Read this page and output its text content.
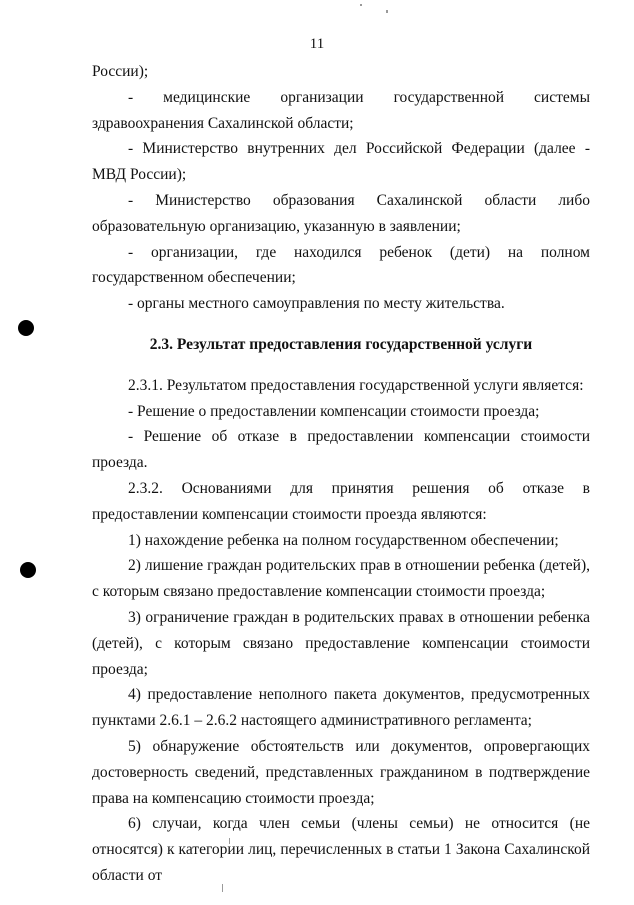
11

России);

- медицинские организации государственной системы здравоохранения Сахалинской области;

- Министерство внутренних дел Российской Федерации (далее - МВД России);

- Министерство образования Сахалинской области либо образовательную организацию, указанную в заявлении;

- организации, где находился ребенок (дети) на полном государственном обеспечении;

- органы местного самоуправления по месту жительства.

2.3. Результат предоставления государственной услуги

2.3.1. Результатом предоставления государственной услуги является:

- Решение о предоставлении компенсации стоимости проезда;

- Решение об отказе в предоставлении компенсации стоимости проезда.

2.3.2. Основаниями для принятия решения об отказе в предоставлении компенсации стоимости проезда являются:

1) нахождение ребенка на полном государственном обеспечении;

2) лишение граждан родительских прав в отношении ребенка (детей), с которым связано предоставление компенсации стоимости проезда;

3) ограничение граждан в родительских правах в отношении ребенка (детей), с которым связано предоставление компенсации стоимости проезда;

4) предоставление неполного пакета документов, предусмотренных пунктами 2.6.1 – 2.6.2 настоящего административного регламента;

5) обнаружение обстоятельств или документов, опровергающих достоверность сведений, представленных гражданином в подтверждение права на компенсацию стоимости проезда;

6) случаи, когда член семьи (члены семьи) не относится (не относятся) к категории лиц, перечисленных в статьи 1 Закона Сахалинской области от
